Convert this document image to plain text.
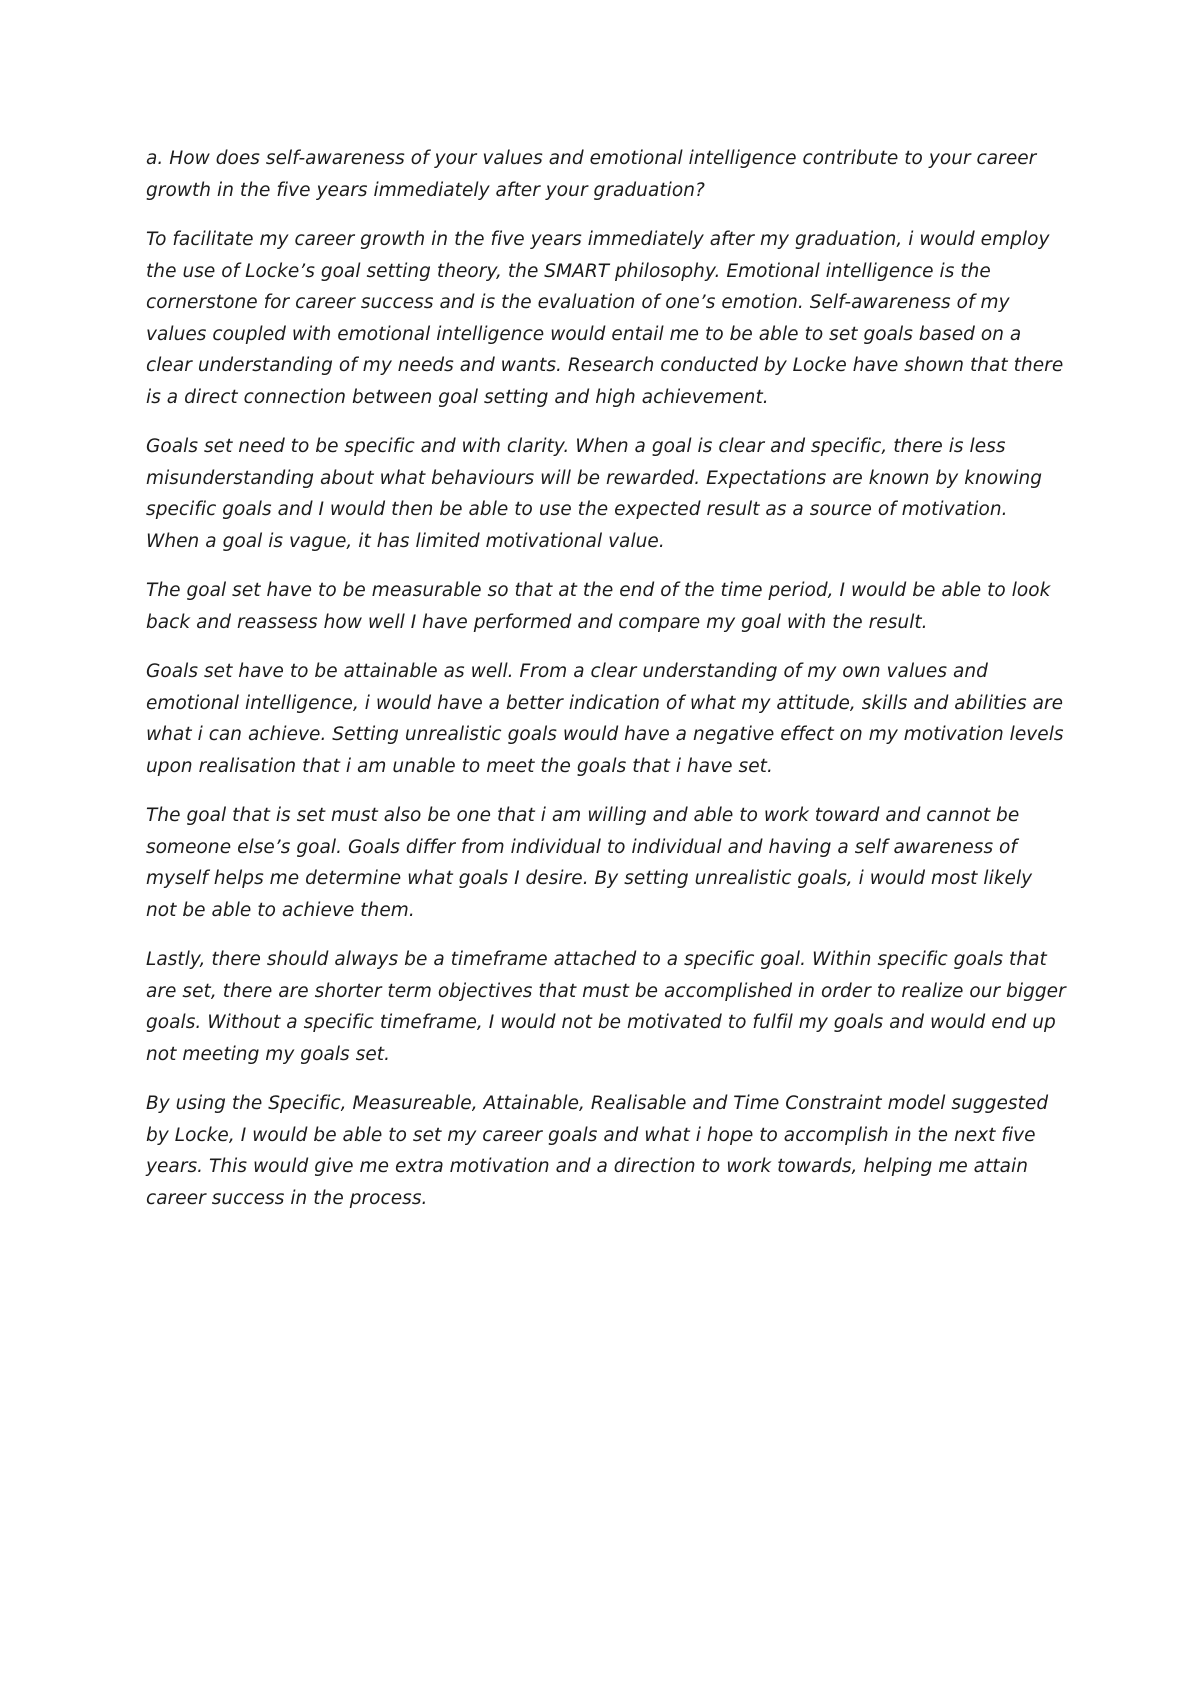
a. How does self-awareness of your values and emotional intelligence contribute to your career growth in the five years immediately after your graduation?

To facilitate my career growth in the five years immediately after my graduation, i would employ the use of Locke’s goal setting theory, the SMART philosophy. Emotional intelligence is the cornerstone for career success and is the evaluation of one’s emotion. Self-awareness of my values coupled with emotional intelligence would entail me to be able to set goals based on a clear understanding of my needs and wants. Research conducted by Locke have shown that there is a direct connection between goal setting and high achievement.

Goals set need to be specific and with clarity. When a goal is clear and specific, there is less misunderstanding about what behaviours will be rewarded. Expectations are known by knowing specific goals and I would then be able to use the expected result as a source of motivation. When a goal is vague, it has limited motivational value.

The goal set have to be measurable so that at the end of the time period, I would be able to look back and reassess how well I have performed and compare my goal with the result.

Goals set have to be attainable as well. From a clear understanding of my own values and emotional intelligence, i would have a better indication of what my attitude, skills and abilities are what i can achieve. Setting unrealistic goals would have a negative effect on my motivation levels upon realisation that i am unable to meet the goals that i have set.

The goal that is set must also be one that i am willing and able to work toward and cannot be someone else’s goal. Goals differ from individual to individual and having a self awareness of myself helps me determine what goals I desire. By setting unrealistic goals, i would most likely not be able to achieve them.

Lastly, there should always be a timeframe attached to a specific goal. Within specific goals that are set, there are shorter term objectives that must be accomplished in order to realize our bigger goals. Without a specific timeframe, I would not be motivated to fulfil my goals and would end up not meeting my goals set.

By using the Specific, Measureable, Attainable, Realisable and Time Constraint model suggested by Locke, I would be able to set my career goals and what i hope to accomplish in the next five years. This would give me extra motivation and a direction to work towards, helping me attain career success in the process.
